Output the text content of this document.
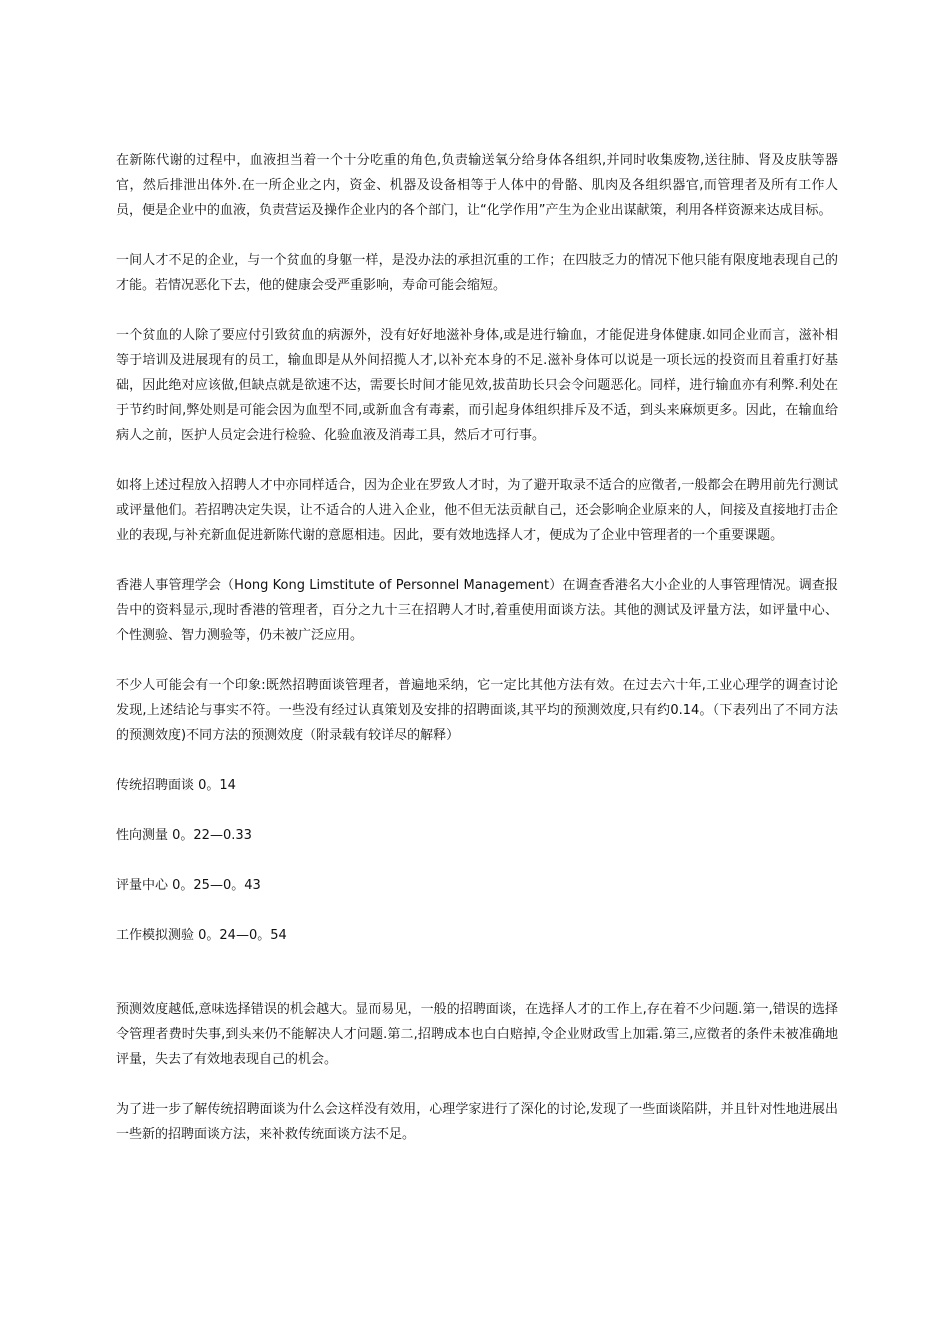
在新陈代谢的过程中，血液担当着一个十分吃重的角色,负责输送氧分给身体各组织,并同时收集废物,送往肺、肾及皮肤等器官，然后排泄出体外.在一所企业之内，资金、机器及设备相等于人体中的骨骼、肌肉及各组织器官,而管理者及所有工作人员，便是企业中的血液，负责营运及操作企业内的各个部门，让“化学作用”产生为企业出谋献策，利用各样资源来达成目标。

一间人才不足的企业，与一个贫血的身躯一样，是没办法的承担沉重的工作；在四肢乏力的情况下他只能有限度地表现自己的才能。若情况恶化下去，他的健康会受严重影响，寿命可能会缩短。

一个贫血的人除了要应付引致贫血的病源外，没有好好地滋补身体,或是进行输血，才能促进身体健康.如同企业而言，滋补相等于培训及进展现有的员工，输血即是从外间招揽人才,以补充本身的不足.滋补身体可以说是一项长远的投资而且着重打好基础，因此绝对应该做,但缺点就是欲速不达，需要长时间才能见效,拔苗助长只会令问题恶化。同样，进行输血亦有利弊.利处在于节约时间,弊处则是可能会因为血型不同,或新血含有毒素，而引起身体组织排斥及不适，到头来麻烦更多。因此，在输血给病人之前，医护人员定会进行检验、化验血液及消毒工具，然后才可行事。

如将上述过程放入招聘人才中亦同样适合，因为企业在罗致人才时，为了避开取录不适合的应徵者,一般都会在聘用前先行测试或评量他们。若招聘决定失误，让不适合的人进入企业，他不但无法贡献自己，还会影响企业原来的人，间接及直接地打击企业的表现,与补充新血促进新陈代谢的意愿相违。因此，要有效地选择人才，便成为了企业中管理者的一个重要课题。

香港人事管理学会（Hong Kong Limstitute of Personnel Management）在调查香港名大小企业的人事管理情况。调查报告中的资料显示,现时香港的管理者，百分之九十三在招聘人才时,着重使用面谈方法。其他的测试及评量方法，如评量中心、个性测验、智力测验等，仍未被广泛应用。

不少人可能会有一个印象:既然招聘面谈管理者，普遍地采纳，它一定比其他方法有效。在过去六十年,工业心理学的调查讨论发现,上述结论与事实不符。一些没有经过认真策划及安排的招聘面谈,其平均的预测效度,只有约0.14。（下表列出了不同方法的预测效度)不同方法的预测效度（附录载有较详尽的解释）

传统招聘面谈 0。14
性向测量 0。22—0.33
评量中心 0。25—0。43
工作模拟测验 0。24—0。54

预测效度越低,意味选择错误的机会越大。显而易见，一般的招聘面谈，在选择人才的工作上,存在着不少问题.第一,错误的选择令管理者费时失事,到头来仍不能解决人才问题.第二,招聘成本也白白赔掉,令企业财政雪上加霜.第三,应徵者的条件未被准确地评量，失去了有效地表现自己的机会。

为了进一步了解传统招聘面谈为什么会这样没有效用，心理学家进行了深化的讨论,发现了一些面谈陷阱，并且针对性地进展出一些新的招聘面谈方法，来补救传统面谈方法不足。
